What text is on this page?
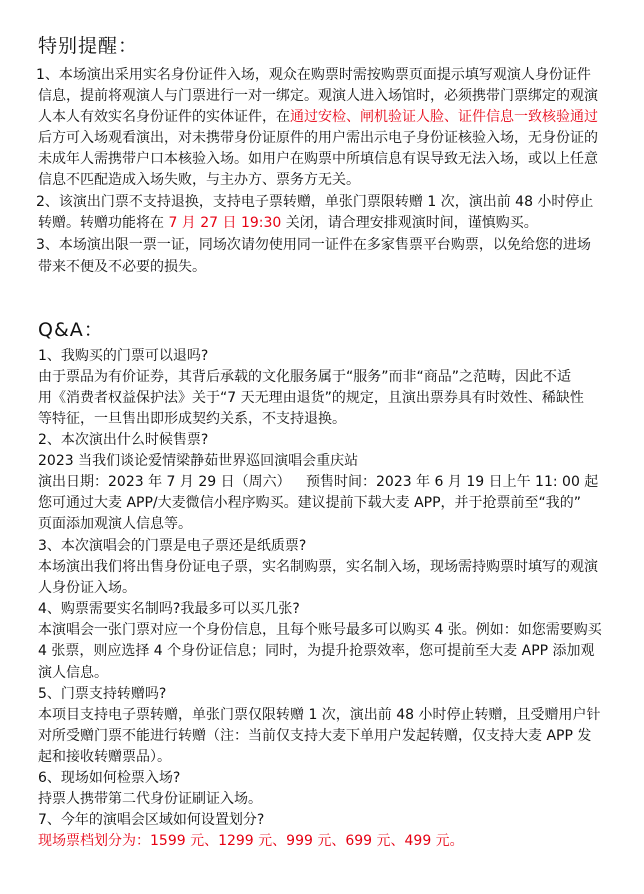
特别提醒：
1、本场演出采用实名身份证件入场，观众在购票时需按购票页面提示填写观演人身份证件
信息，提前将观演人与门票进行一对一绑定。观演人进入场馆时，必须携带门票绑定的观演
人本人有效实名身份证件的实体证件，在通过安检、闸机验证人脸、证件信息一致核验通过
后方可入场观看演出，对未携带身份证原件的用户需出示电子身份证核验入场，无身份证的
未成年人需携带户口本核验入场。如用户在购票中所填信息有误导致无法入场，或以上任意
信息不匹配造成入场失败，与主办方、票务方无关。
2、该演出门票不支持退换，支持电子票转赠，单张门票限转赠 1 次，演出前 48 小时停止
转赠。转赠功能将在 7 月 27 日 19:30 关闭，请合理安排观演时间，谨慎购买。
3、本场演出限一票一证，同场次请勿使用同一证件在多家售票平台购票，以免给您的进场
带来不便及不必要的损失。
Q&A：
1、我购买的门票可以退吗?
由于票品为有价证券，其背后承载的文化服务属于“服务”而非“商品”之范畴，因此不适
用《消费者权益保护法》关于“7 天无理由退货”的规定，且演出票券具有时效性、稀缺性
等特征，一旦售出即形成契约关系，不支持退换。
2、本次演出什么时候售票?
2023 当我们谈论爱情梁静茹世界巡回演唱会重庆站
演出日期：2023 年 7 月 29 日（周六） 预售时间：2023 年 6 月 19 日上午 11: 00 起
您可通过大麦 APP/大麦微信小程序购买。建议提前下载大麦 APP，并于抢票前至“我的”
页面添加观演人信息等。
3、本次演唱会的门票是电子票还是纸质票?
本场演出我们将出售身份证电子票，实名制购票，实名制入场，现场需持购票时填写的观演
人身份证入场。
4、购票需要实名制吗?我最多可以买几张?
本演唱会一张门票对应一个身份信息，且每个账号最多可以购买 4 张。例如：如您需要购买
4 张票，则应选择 4 个身份证信息；同时，为提升抢票效率，您可提前至大麦 APP 添加观
演人信息。
5、门票支持转赠吗?
本项目支持电子票转赠，单张门票仅限转赠 1 次，演出前 48 小时停止转赠，且受赠用户针
对所受赠门票不能进行转赠（注：当前仅支持大麦下单用户发起转赠，仅支持大麦 APP 发
起和接收转赠票品）。
6、现场如何检票入场?
持票人携带第二代身份证刷证入场。
7、今年的演唱会区域如何设置划分?
现场票档划分为：1599 元、1299 元、999 元、699 元、499 元。
